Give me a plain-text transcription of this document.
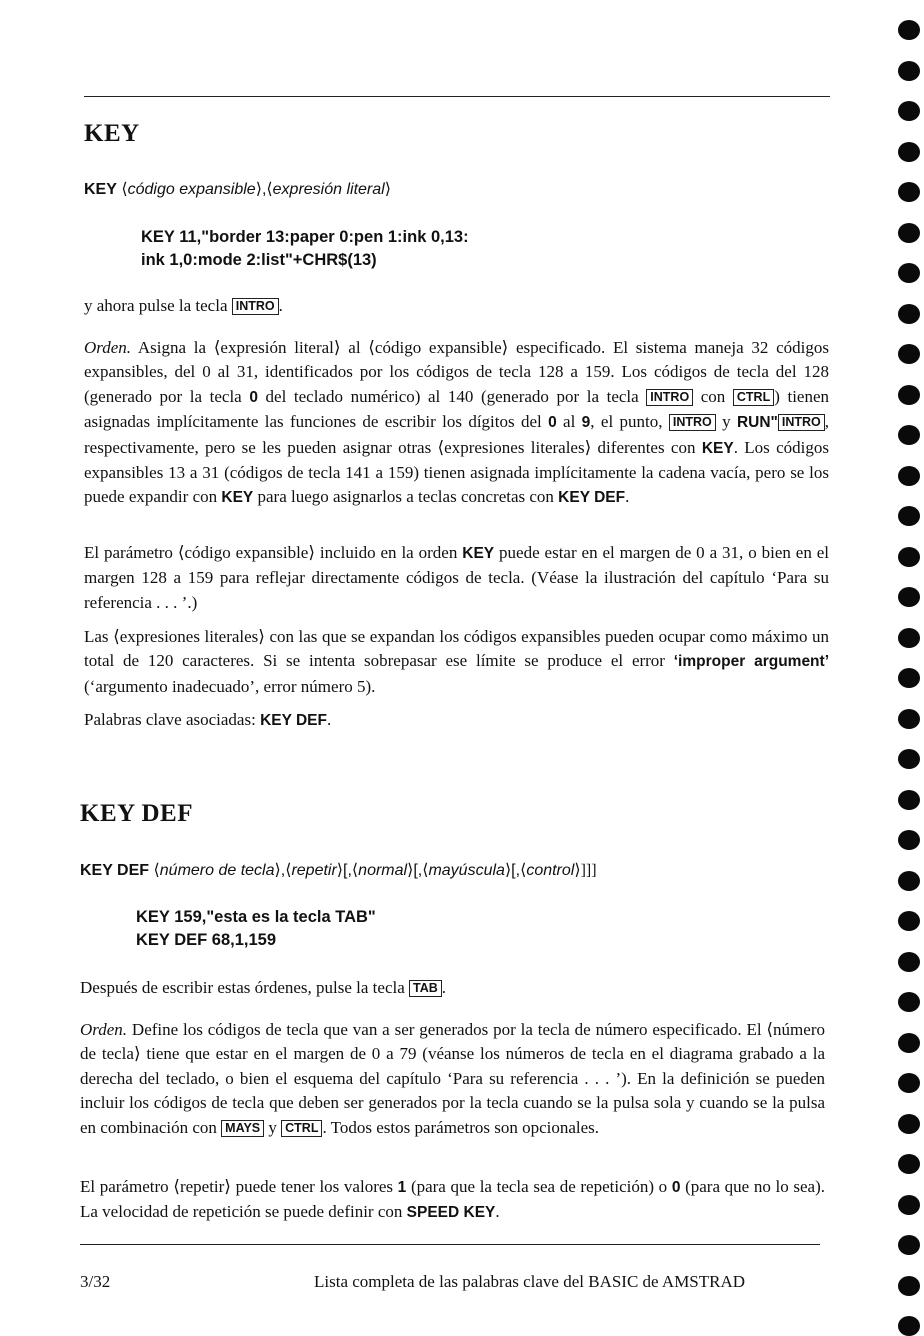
KEY
KEY ⟨código expansible⟩,⟨expresión literal⟩
KEY 11,"border 13:paper 0:pen 1:ink 0,13:
ink 1,0:mode 2:list"+CHR$(13)

y ahora pulse la tecla INTRO .

Orden. Asigna la ⟨expresión literal⟩ al ⟨código expansible⟩ especificado. El sistema maneja 32 códigos expansibles, del 0 al 31, identificados por los códigos de tecla 128 a 159. Los códigos de tecla del 128 (generado por la tecla 0 del teclado numérico) al 140 (generado por la tecla INTRO con CTRL ) tienen asignadas implícitamente las funciones de escribir los dígitos del 0 al 9, el punto, INTRO y RUN" INTRO , respectivamente, pero se les pueden asignar otras ⟨expresiones literales⟩ diferentes con KEY. Los códigos expansibles 13 a 31 (códigos de tecla 141 a 159) tienen asignada implícitamente la cadena vacía, pero se los puede expandir con KEY para luego asignarlos a teclas concretas con KEY DEF.

El parámetro ⟨código expansible⟩ incluido en la orden KEY puede estar en el margen de 0 a 31, o bien en el margen 128 a 159 para reflejar directamente códigos de tecla. (Véase la ilustración del capítulo ‘Para su referencia . . . ’.)

Las ⟨expresiones literales⟩ con las que se expandan los códigos expansibles pueden ocupar como máximo un total de 120 caracteres. Si se intenta sobrepasar ese límite se produce el error ‘improper argument’ (‘argumento inadecuado’, error número 5).

Palabras clave asociadas: KEY DEF.

KEY DEF
KEY DEF ⟨número de tecla⟩,⟨repetir⟩[,⟨normal⟩[,⟨mayúscula⟩[,⟨control⟩]]]
KEY 159,"esta es la tecla TAB"
KEY DEF 68,1,159

Después de escribir estas órdenes, pulse la tecla TAB .

Orden. Define los códigos de tecla que van a ser generados por la tecla de número especificado. El ⟨número de tecla⟩ tiene que estar en el margen de 0 a 79 (véanse los números de tecla en el diagrama grabado a la derecha del teclado, o bien el esquema del capítulo ‘Para su referencia . . . ’). En la definición se pueden incluir los códigos de tecla que deben ser generados por la tecla cuando se la pulsa sola y cuando se la pulsa en combinación con MAYS y CTRL . Todos estos parámetros son opcionales.

El parámetro ⟨repetir⟩ puede tener los valores 1 (para que la tecla sea de repetición) o 0 (para que no lo sea). La velocidad de repetición se puede definir con SPEED KEY.

3/32	Lista completa de las palabras clave del BASIC de AMSTRAD
